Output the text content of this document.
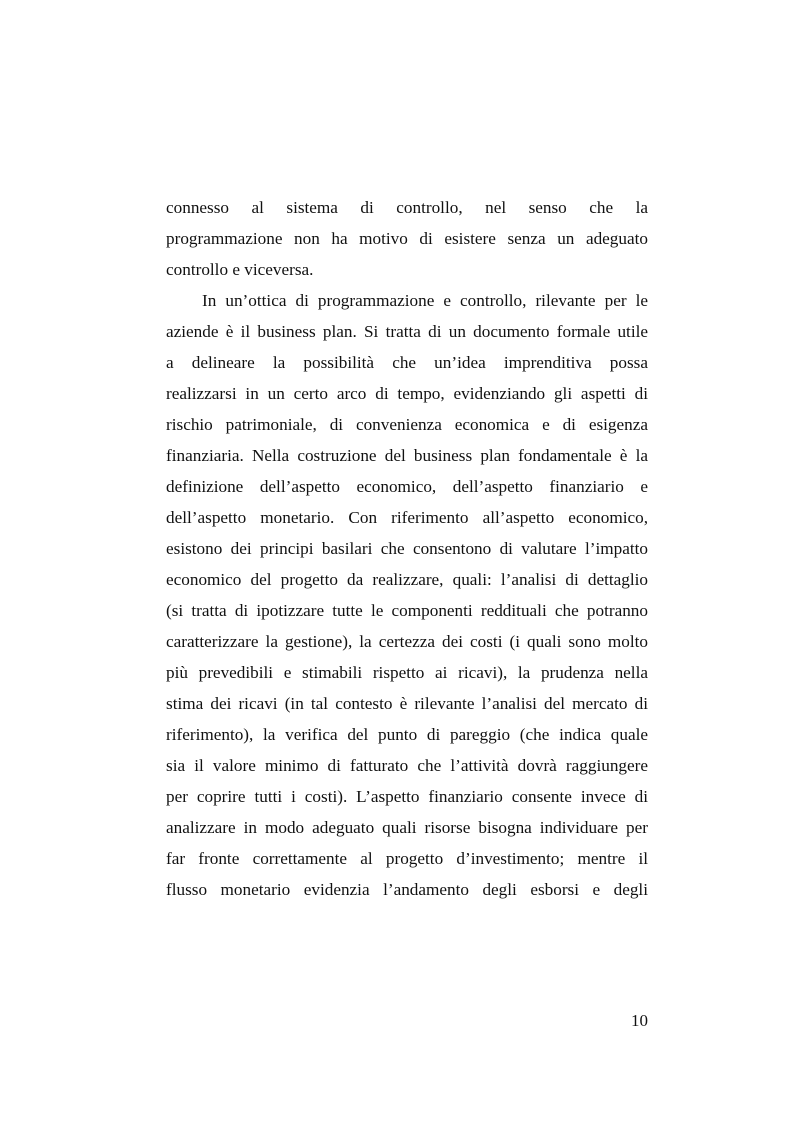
connesso al sistema di controllo, nel senso che la
programmazione non ha motivo di esistere senza un adeguato
controllo e viceversa.
In un’ottica di programmazione e controllo, rilevante per le
aziende è il business plan. Si tratta di un documento formale utile
a delineare la possibilità che un’idea imprenditiva possa
realizzarsi in un certo arco di tempo, evidenziando gli aspetti di
rischio patrimoniale, di convenienza economica e di esigenza
finanziaria. Nella costruzione del business plan fondamentale è la
definizione dell’aspetto economico, dell’aspetto finanziario e
dell’aspetto monetario. Con riferimento all’aspetto economico,
esistono dei principi basilari che consentono di valutare l’impatto
economico del progetto da realizzare, quali: l’analisi di dettaglio
(si tratta di ipotizzare tutte le componenti reddituali che potranno
caratterizzare la gestione), la certezza dei costi (i quali sono molto
più prevedibili e stimabili rispetto ai ricavi), la prudenza nella
stima dei ricavi (in tal contesto è rilevante l’analisi del mercato di
riferimento), la verifica del punto di pareggio (che indica quale
sia il valore minimo di fatturato che l’attività dovrà raggiungere
per coprire tutti i costi). L’aspetto finanziario consente invece di
analizzare in modo adeguato quali risorse bisogna individuare per
far fronte correttamente al progetto d’investimento; mentre il
flusso monetario evidenzia l’andamento degli esborsi e degli
10
